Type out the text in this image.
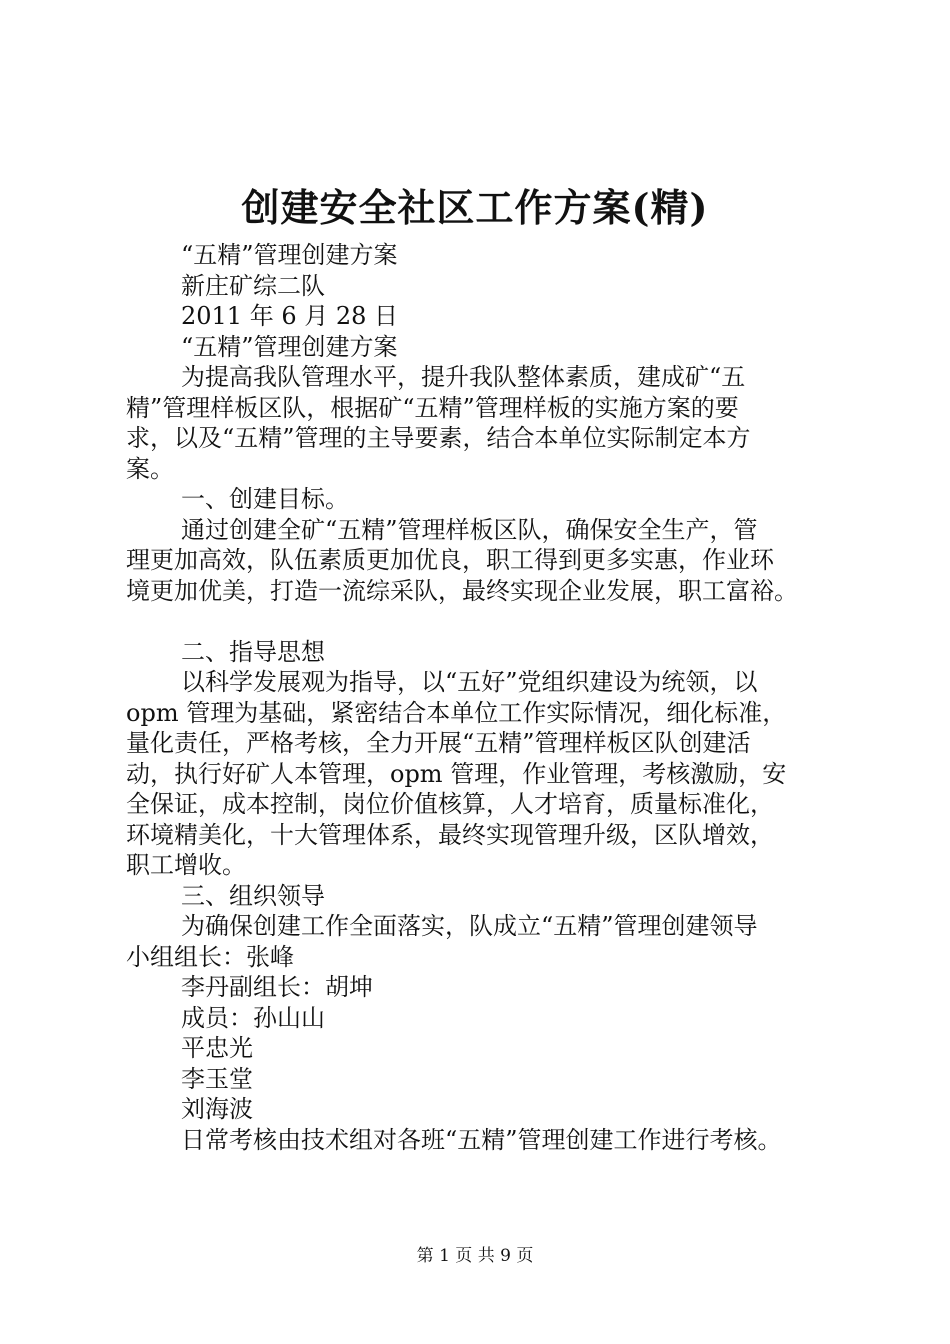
创建安全社区工作方案(精)
“五精”管理创建方案
新庄矿综二队
2011 年 6 月 28 日
“五精”管理创建方案
为提高我队管理水平，提升我队整体素质，建成矿“五
精”管理样板区队，根据矿“五精”管理样板的实施方案的要
求，以及“五精”管理的主导要素，结合本单位实际制定本方
案。
一、创建目标。
通过创建全矿“五精”管理样板区队，确保安全生产，管
理更加高效，队伍素质更加优良，职工得到更多实惠，作业环
境更加优美，打造一流综采队，最终实现企业发展，职工富裕。
二、指导思想
以科学发展观为指导，以“五好”党组织建设为统领，以
opm 管理为基础，紧密结合本单位工作实际情况，细化标准，
量化责任，严格考核，全力开展“五精”管理样板区队创建活
动，执行好矿人本管理，opm 管理，作业管理，考核激励，安
全保证，成本控制，岗位价值核算，人才培育，质量标准化，
环境精美化，十大管理体系，最终实现管理升级，区队增效，
职工增收。
三、组织领导
为确保创建工作全面落实，队成立“五精”管理创建领导
小组组长：张峰
李丹副组长：胡坤
成员：孙山山
平忠光
李玉堂
刘海波
日常考核由技术组对各班“五精”管理创建工作进行考核。
第 1 页 共 9 页
